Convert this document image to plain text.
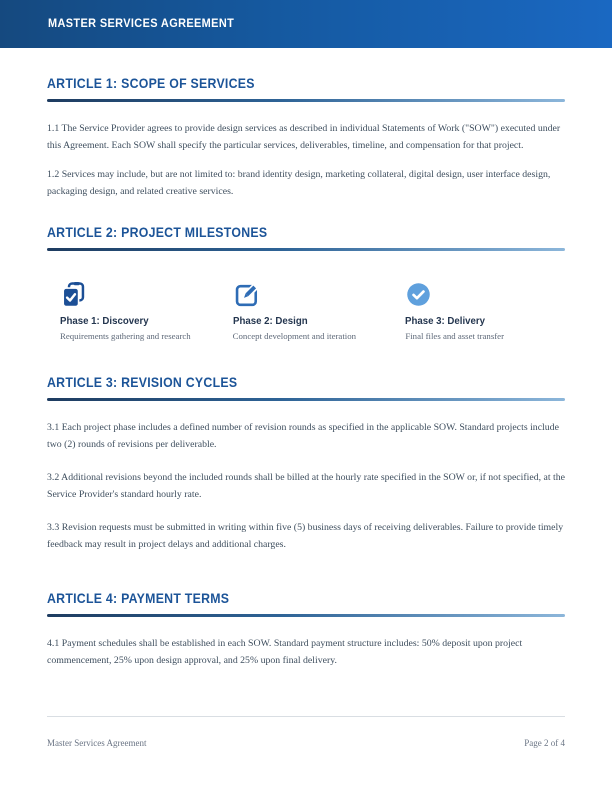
MASTER SERVICES AGREEMENT
ARTICLE 1: SCOPE OF SERVICES

1.1 The Service Provider agrees to provide design services as described in individual Statements of Work ("SOW") executed under this Agreement. Each SOW shall specify the particular services, deliverables, timeline, and compensation for that project.

1.2 Services may include, but are not limited to: brand identity design, marketing collateral, digital design, user interface design, packaging design, and related creative services.

ARTICLE 2: PROJECT MILESTONES
Phase 1: Discovery

Requirements gathering and research

Phase 2: Design

Concept development and iteration

Phase 3: Delivery

Final files and asset transfer

ARTICLE 3: REVISION CYCLES

3.1 Each project phase includes a defined number of revision rounds as specified in the applicable SOW. Standard projects include two (2) rounds of revisions per deliverable.

3.2 Additional revisions beyond the included rounds shall be billed at the hourly rate specified in the SOW or, if not specified, at the Service Provider's standard hourly rate.

3.3 Revision requests must be submitted in writing within five (5) business days of receiving deliverables. Failure to provide timely feedback may result in project delays and additional charges.

ARTICLE 4: PAYMENT TERMS

4.1 Payment schedules shall be established in each SOW. Standard payment structure includes: 50% deposit upon project commencement, 25% upon design approval, and 25% upon final delivery.

Master Services Agreement	Page 2 of 4
